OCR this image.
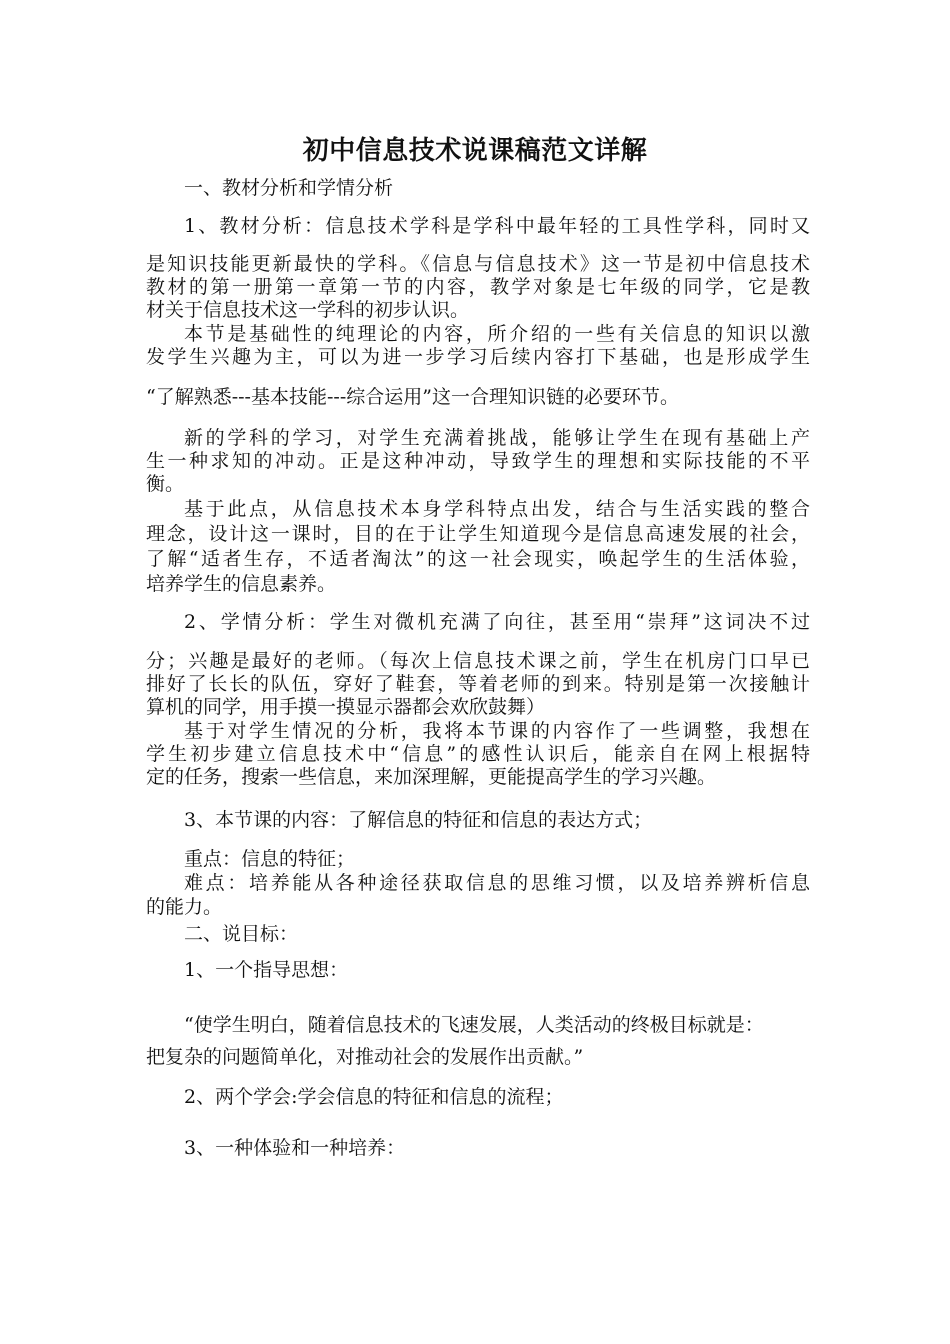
初中信息技术说课稿范文详解
一、教材分析和学情分析
1、教材分析：信息技术学科是学科中最年轻的工具性学科，同时又
是知识技能更新最快的学科。《信息与信息技术》这一节是初中信息技术
教材的第一册第一章第一节的内容，教学对象是七年级的同学，它是教
材关于信息技术这一学科的初步认识。
本节是基础性的纯理论的内容，所介绍的一些有关信息的知识以激
发学生兴趣为主，可以为进一步学习后续内容打下基础，也是形成学生
“了解熟悉---基本技能---综合运用”这一合理知识链的必要环节。
新的学科的学习，对学生充满着挑战，能够让学生在现有基础上产
生一种求知的冲动。正是这种冲动，导致学生的理想和实际技能的不平
衡。
基于此点，从信息技术本身学科特点出发，结合与生活实践的整合
理念，设计这一课时，目的在于让学生知道现今是信息高速发展的社会，
了解“适者生存，不适者淘汰”的这一社会现实，唤起学生的生活体验，
培养学生的信息素养。
2、学情分析：学生对微机充满了向往，甚至用“崇拜”这词决不过
分；兴趣是最好的老师。（每次上信息技术课之前，学生在机房门口早已
排好了长长的队伍，穿好了鞋套，等着老师的到来。特别是第一次接触计
算机的同学，用手摸一摸显示器都会欢欣鼓舞）
基于对学生情况的分析，我将本节课的内容作了一些调整，我想在
学生初步建立信息技术中“信息”的感性认识后，能亲自在网上根据特
定的任务，搜索一些信息，来加深理解，更能提高学生的学习兴趣。
3、本节课的内容：了解信息的特征和信息的表达方式；
重点：信息的特征；
难点：培养能从各种途径获取信息的思维习惯，以及培养辨析信息
的能力。
二、说目标：
1、一个指导思想：
“使学生明白，随着信息技术的飞速发展，人类活动的终极目标就是：
把复杂的问题简单化，对推动社会的发展作出贡献。”
2、两个学会:学会信息的特征和信息的流程；
3、一种体验和一种培养：
